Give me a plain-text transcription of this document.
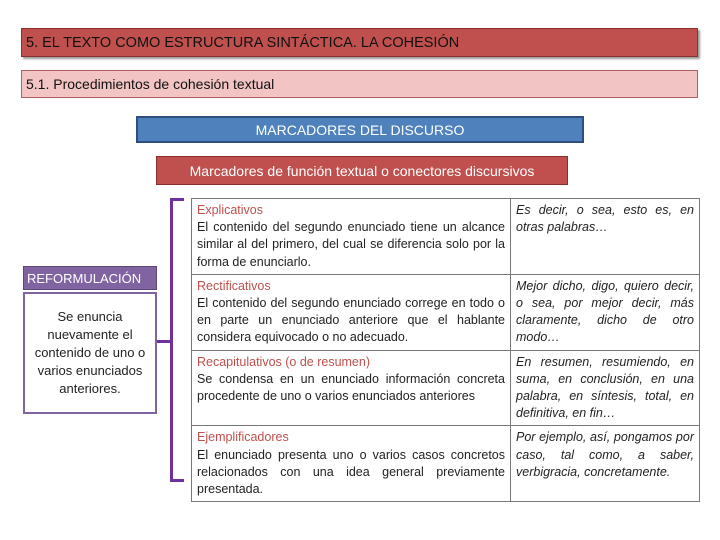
5. EL TEXTO COMO ESTRUCTURA SINTÁCTICA. LA COHESIÓN
5.1. Procedimientos de cohesión textual
MARCADORES DEL DISCURSO
Marcadores de función textual o conectores discursivos
REFORMULACIÓN
Se enuncia nuevamente el contenido de uno o varios enunciados anteriores.
Explicativos
El contenido del segundo enunciado tiene un alcance similar al del primero, del cual se diferencia solo por la forma de enunciarlo.	Es decir, o sea, esto es, en otras palabras…

Rectificativos
El contenido del segundo enunciado correge en todo o en parte un enunciado anteriore que el hablante considera equivocado o no adecuado.	Mejor dicho, digo, quiero decir, o sea, por mejor decir, más claramente, dicho de otro modo…

Recapitulativos (o de resumen)
Se condensa en un enunciado información concreta procedente de uno o varios enunciados anteriores	En resumen, resumiendo, en suma, en conclusión, en una palabra, en síntesis, total, en definitiva, en fin…

Ejemplificadores
El enunciado presenta uno o varios casos concretos relacionados con una idea general previamente presentada.	Por ejemplo, así, pongamos por caso, tal como, a saber, verbigracia, concretamente.
